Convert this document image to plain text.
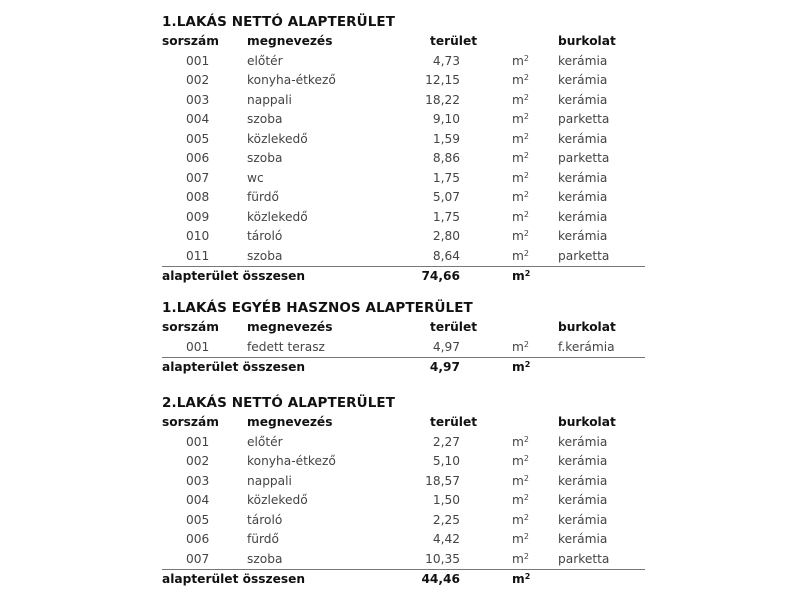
1.LAKÁS NETTÓ ALAPTERÜLET
sorszám megnevezés	terület	burkolat
001	előtér	4,73	$m^2$ kerámia
002	konyha-étkező	12,15	$m^2$ kerámia
003	nappali	18,22	$m^2$ kerámia
004	szoba	9,10	$m^2$ parketta
005	közlekedő	1,59	$m^2$ kerámia
006	szoba	8,86	$m^2$ parketta
007	wc	1,75	$m^2$ kerámia
008	fürdő	5,07	$m^2$ kerámia
009	közlekedő	1,75	$m^2$ kerámia
010	tároló	2,80	$m^2$ kerámia
011	szoba	8,64	$m^2$ parketta
alapterület összesen	74,66	$m^2$
1.LAKÁS EGYÉB HASZNOS ALAPTERÜLET
sorszám megnevezés	terület	burkolat
001	fedett terasz	4,97	$m^2$ f.kerámia
alapterület összesen	4,97	$m^2$
2.LAKÁS NETTÓ ALAPTERÜLET
sorszám megnevezés	terület	burkolat
001	előtér	2,27	$m^2$ kerámia
002	konyha-étkező	5,10	$m^2$ kerámia
003	nappali	18,57	$m^2$ kerámia
004	közlekedő	1,50	$m^2$ kerámia
005	tároló	2,25	$m^2$ kerámia
006	fürdő	4,42	$m^2$ kerámia
007	szoba	10,35	$m^2$ parketta
alapterület összesen	44,46	$m^2$
